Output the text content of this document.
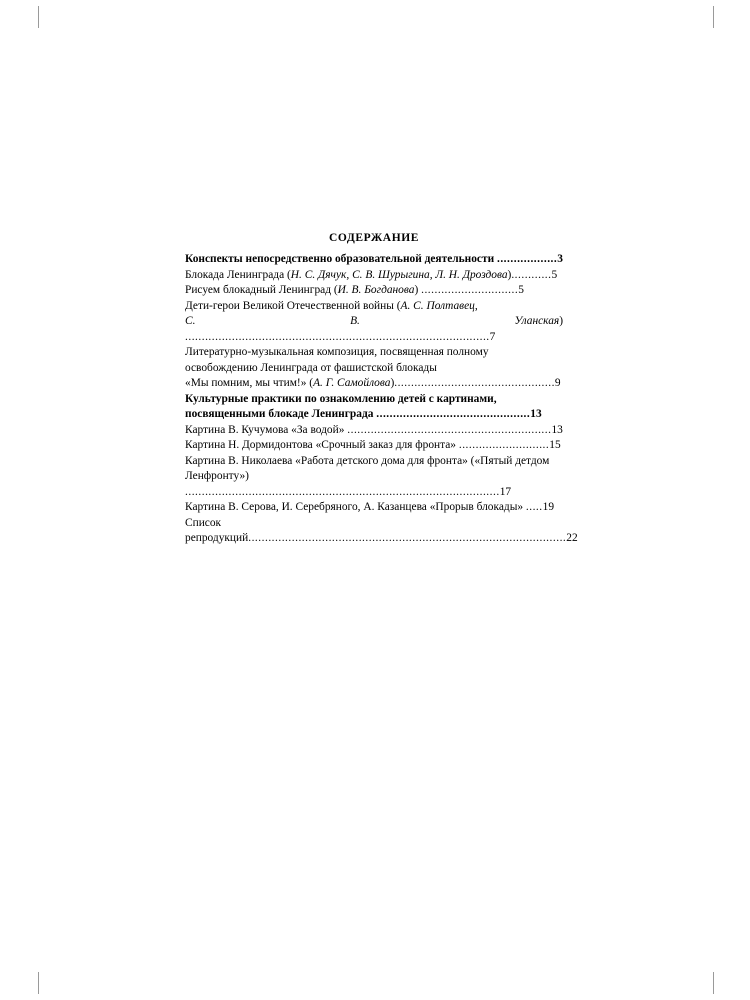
СОДЕРЖАНИЕ
Конспекты непосредственно образовательной деятельности ..................3
Блокада Ленинграда (Н. С. Дячук, С. В. Шурыгина, Л. Н. Дроздова)............5
Рисуем блокадный Ленинград (И. В. Богданова) .............................5
Дети-герои Великой Отечественной войны (А. С. Полтавец,
С. В. Уланская) ...........................................................................................7
Литературно-музыкальная композиция, посвященная полному
освобождению Ленинграда от фашистской блокады
«Мы помним, мы чтим!» (А. Г. Самойлова)................................................9
Культурные практики по ознакомлению детей с картинами,
посвященными блокаде Ленинграда ..............................................13
Картина В. Кучумова «За водой» .............................................................13
Картина Н. Дормидонтова «Срочный заказ для фронта» ...........................15
Картина В. Николаева «Работа детского дома для фронта» («Пятый детдом
Ленфронту») ..............................................................................................17
Картина В. Серова, И. Серебряного, А. Казанцева «Прорыв блокады» .....19
Список репродукций...............................................................................................22
